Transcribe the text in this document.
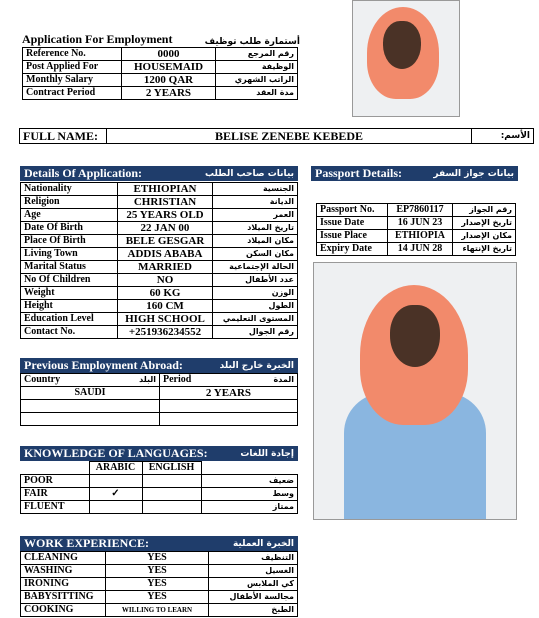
Application For Employment	أستمارة طلب توظيف
Reference No.	0000	رقم المرجع
Post Applied For	HOUSEMAID	الوظيفة
Monthly Salary	1200 QAR	الراتب الشهري
Contract Period	2 YEARS	مدة العقد
FULL NAME:	BELISE ZENEBE KEBEDE	الأسم:
Details Of Application:	بيانات صاحب الطلب
Nationality	ETHIOPIAN	الجنسية
Religion	CHRISTIAN	الديانة
Age	25 YEARS OLD	العمر
Date Of Birth	22 JAN 00	تاريخ الميلاد
Place Of Birth	BELE GESGAR	مكان الميلاد
Living Town	ADDIS ABABA	مكان السكن
Marital Status	MARRIED	الحالة الإجتماعية
No Of Children	NO	عدد الأطفال
Weight	60 KG	الوزن
Height	160 CM	الطول
Education Level	HIGH SCHOOL	المستوى التعليمي
Contact No.	+251936234552	رقم الجوال
Passport Details:	بيانات جواز السفر
Passport No.	EP7860117	رقم الجواز
Issue Date	16 JUN 23	تاريخ الإصدار
Issue Place	ETHIOPIA	مكان الإصدار
Expiry Date	14 JUN 28	تاريخ الإنتهاء
Previous Employment Abroad:	الخبرة خارج البلد
Country البلد	Period المدة

SAUDI	2 YEARS

KNOWLEDGE OF LANGUAGES:	إجادة اللغات
	ARABIC	ENGLISH	
POOR			ضعيف
FAIR	✓		وسط
FLUENT			ممتاز
WORK EXPERIENCE:	الخبرة العملية
CLEANING	YES	التنظيف
WASHING	YES	الغسيل
IRONING	YES	كي الملابس
BABYSITTING	YES	مجالسة الأطفال
COOKING	WILLING TO LEARN	الطبخ
